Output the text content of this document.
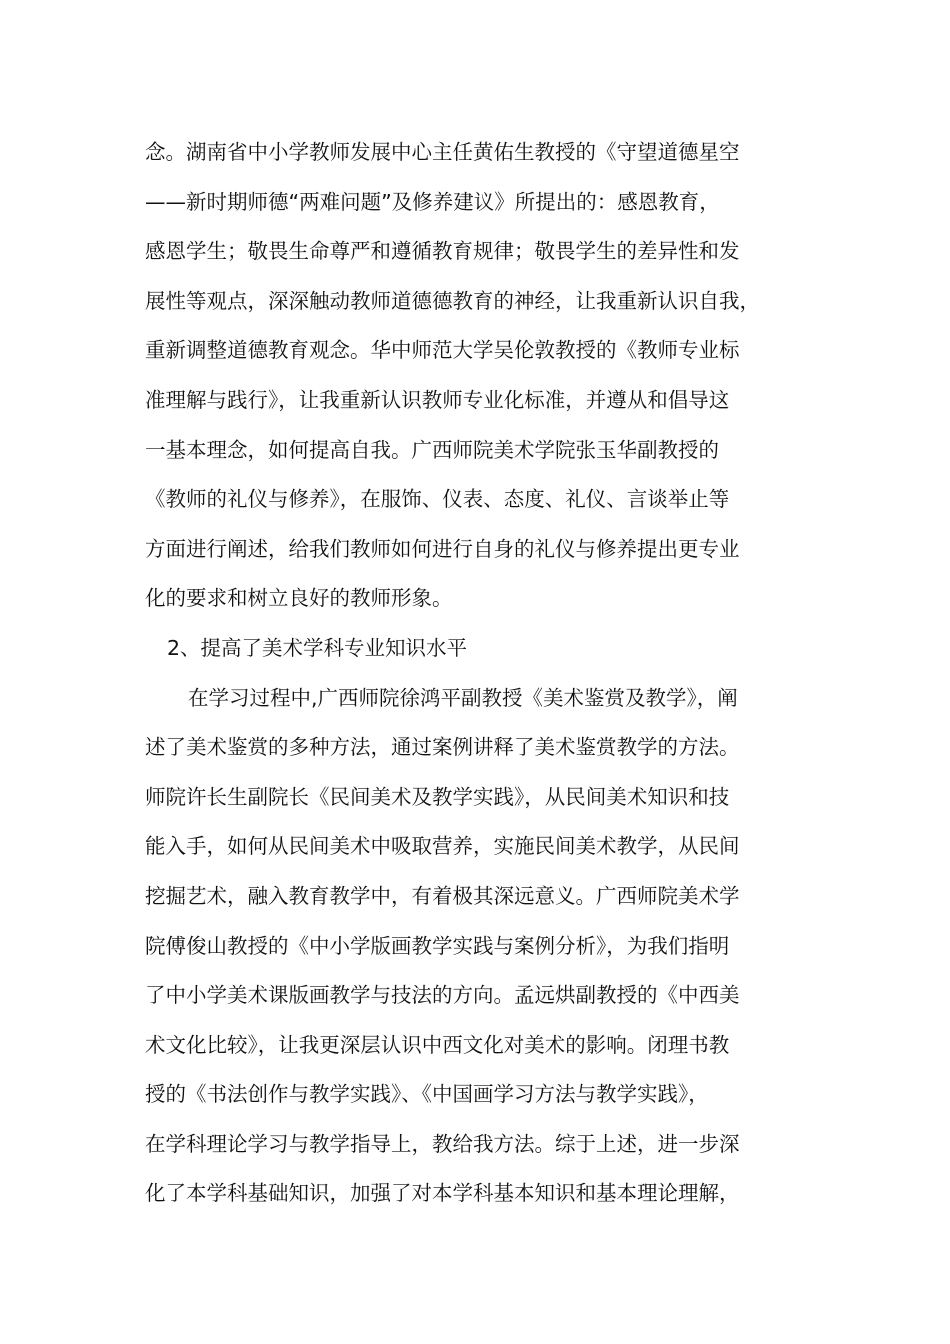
念。湖南省中小学教师发展中心主任黄佑生教授的《守望道德星空
——新时期师德“两难问题”及修养建议》所提出的：感恩教育，
感恩学生；敬畏生命尊严和遵循教育规律；敬畏学生的差异性和发
展性等观点，深深触动教师道德德教育的神经，让我重新认识自我，
重新调整道德教育观念。华中师范大学吴伦敦教授的《教师专业标
准理解与践行》，让我重新认识教师专业化标准，并遵从和倡导这
一基本理念，如何提高自我。广西师院美术学院张玉华副教授的
《教师的礼仪与修养》，在服饰、仪表、态度、礼仪、言谈举止等
方面进行阐述，给我们教师如何进行自身的礼仪与修养提出更专业
化的要求和树立良好的教师形象。
2、提高了美术学科专业知识水平
在学习过程中,广西师院徐鸿平副教授《美术鉴赏及教学》，阐
述了美术鉴赏的多种方法，通过案例讲释了美术鉴赏教学的方法。
师院许长生副院长《民间美术及教学实践》，从民间美术知识和技
能入手，如何从民间美术中吸取营养，实施民间美术教学，从民间
挖掘艺术，融入教育教学中，有着极其深远意义。广西师院美术学
院傅俊山教授的《中小学版画教学实践与案例分析》，为我们指明
了中小学美术课版画教学与技法的方向。孟远烘副教授的《中西美
术文化比较》，让我更深层认识中西文化对美术的影响。闭理书教
授的《书法创作与教学实践》、《中国画学习方法与教学实践》，
在学科理论学习与教学指导上，教给我方法。综于上述，进一步深
化了本学科基础知识，加强了对本学科基本知识和基本理论理解，
